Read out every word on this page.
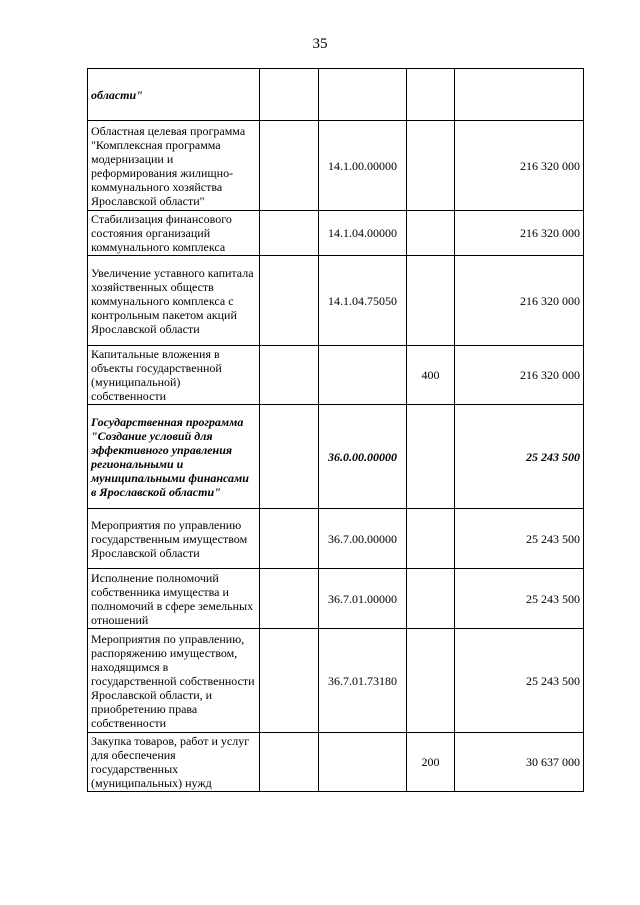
35
области"				
Областная целевая программа "Комплексная программа модернизации и реформирования жилищно-коммунального хозяйства Ярославской области"		14.1.00.00000		216 320 000
Стабилизация финансового состояния организаций коммунального комплекса		14.1.04.00000		216 320 000
Увеличение уставного капитала хозяйственных обществ коммунального комплекса с контрольным пакетом акций Ярославской области		14.1.04.75050		216 320 000
Капитальные вложения в объекты государственной (муниципальной) собственности			400	216 320 000
Государственная программа "Создание условий для эффективного управления региональными и муниципальными финансами в Ярославской области"		36.0.00.00000		25 243 500
Мероприятия по управлению государственным имуществом Ярославской области		36.7.00.00000		25 243 500
Исполнение полномочий собственника имущества и полномочий в сфере земельных отношений		36.7.01.00000		25 243 500
Мероприятия по управлению, распоряжению имуществом, находящимся в государственной собственности Ярославской области, и приобретению права собственности		36.7.01.73180		25 243 500
Закупка товаров, работ и услуг для обеспечения государственных (муниципальных) нужд			200	30 637 000
